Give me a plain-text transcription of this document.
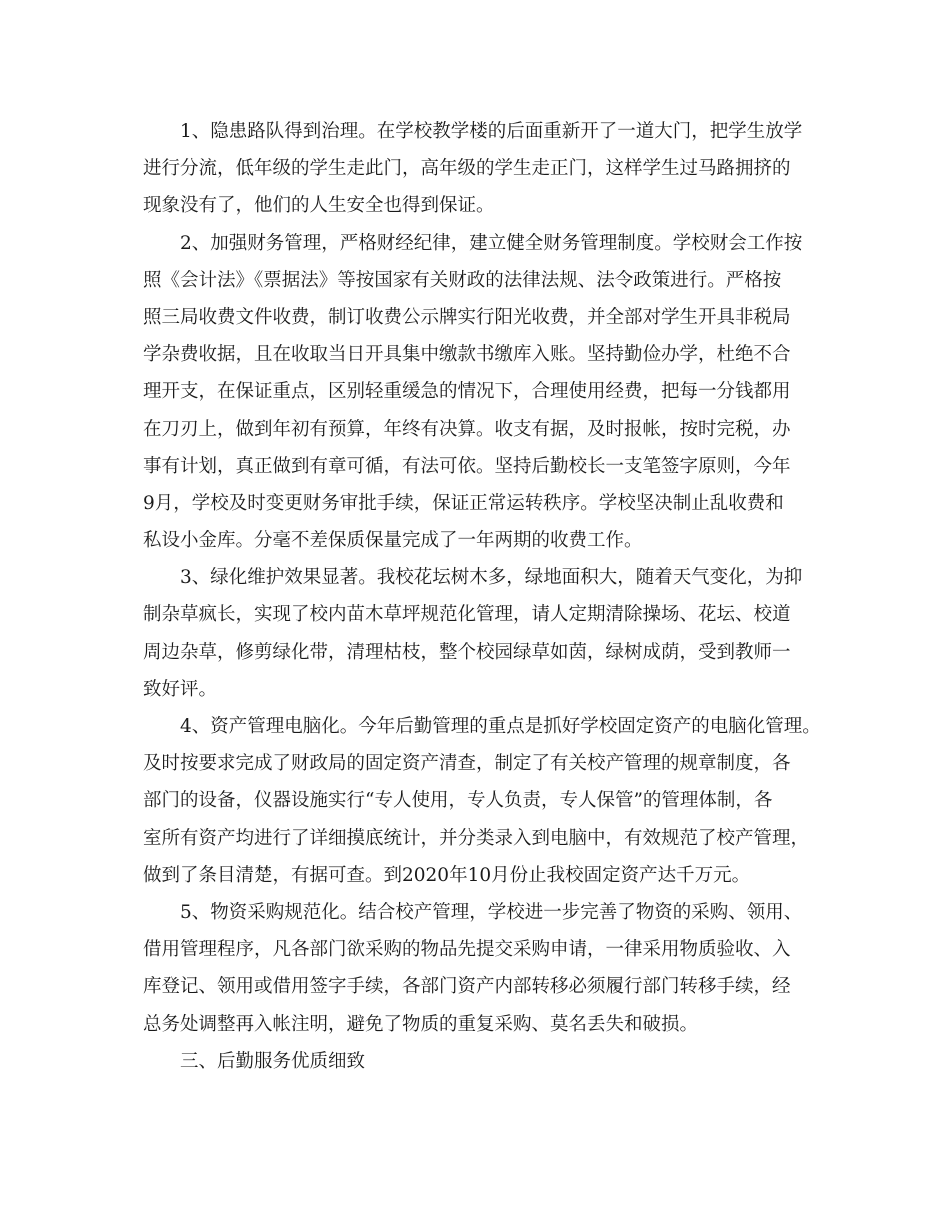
1、隐患路队得到治理。在学校教学楼的后面重新开了一道大门，把学生放学
进行分流，低年级的学生走此门，高年级的学生走正门，这样学生过马路拥挤的
现象没有了，他们的人生安全也得到保证。
2、加强财务管理，严格财经纪律，建立健全财务管理制度。学校财会工作按
照《会计法》《票据法》等按国家有关财政的法律法规、法令政策进行。严格按
照三局收费文件收费，制订收费公示牌实行阳光收费，并全部对学生开具非税局
学杂费收据，且在收取当日开具集中缴款书缴库入账。坚持勤俭办学，杜绝不合
理开支，在保证重点，区别轻重缓急的情况下，合理使用经费，把每一分钱都用
在刀刃上，做到年初有预算，年终有决算。收支有据，及时报帐，按时完税，办
事有计划，真正做到有章可循，有法可依。坚持后勤校长一支笔签字原则，今年
9月，学校及时变更财务审批手续，保证正常运转秩序。学校坚决制止乱收费和
私设小金库。分毫不差保质保量完成了一年两期的收费工作。
3、绿化维护效果显著。我校花坛树木多，绿地面积大，随着天气变化，为抑
制杂草疯长，实现了校内苗木草坪规范化管理，请人定期清除操场、花坛、校道
周边杂草，修剪绿化带，清理枯枝，整个校园绿草如茵，绿树成荫，受到教师一
致好评。
4、资产管理电脑化。今年后勤管理的重点是抓好学校固定资产的电脑化管理。
及时按要求完成了财政局的固定资产清查，制定了有关校产管理的规章制度，各
部门的设备，仪器设施实行“专人使用，专人负责，专人保管”的管理体制，各
室所有资产均进行了详细摸底统计，并分类录入到电脑中，有效规范了校产管理，
做到了条目清楚，有据可查。到2020年10月份止我校固定资产达千万元。
5、物资采购规范化。结合校产管理，学校进一步完善了物资的采购、领用、
借用管理程序，凡各部门欲采购的物品先提交采购申请，一律采用物质验收、入
库登记、领用或借用签字手续，各部门资产内部转移必须履行部门转移手续，经
总务处调整再入帐注明，避免了物质的重复采购、莫名丢失和破损。
三、后勤服务优质细致
